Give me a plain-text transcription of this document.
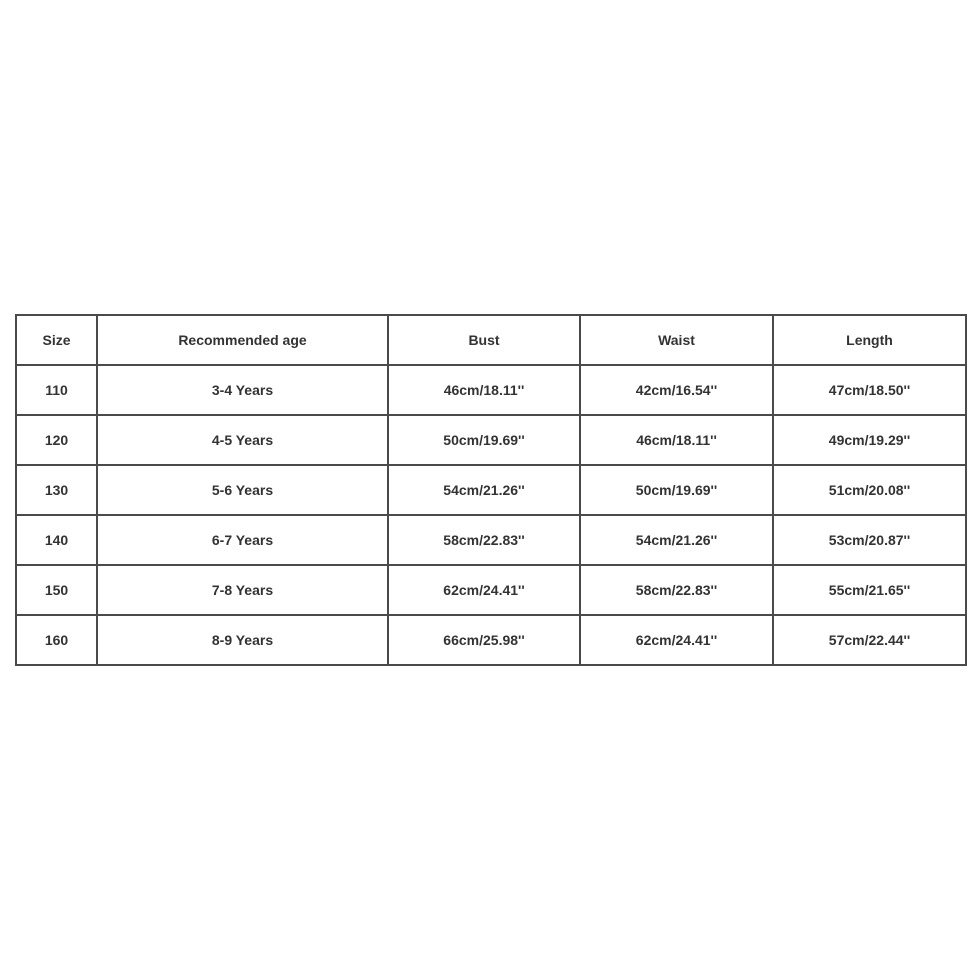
Size	Recommended age	Bust	Waist	Length
110	3-4 Years	46cm/18.11''	42cm/16.54''	47cm/18.50''
120	4-5 Years	50cm/19.69''	46cm/18.11''	49cm/19.29''
130	5-6 Years	54cm/21.26''	50cm/19.69''	51cm/20.08''
140	6-7 Years	58cm/22.83''	54cm/21.26''	53cm/20.87''
150	7-8 Years	62cm/24.41''	58cm/22.83''	55cm/21.65''
160	8-9 Years	66cm/25.98''	62cm/24.41''	57cm/22.44''
